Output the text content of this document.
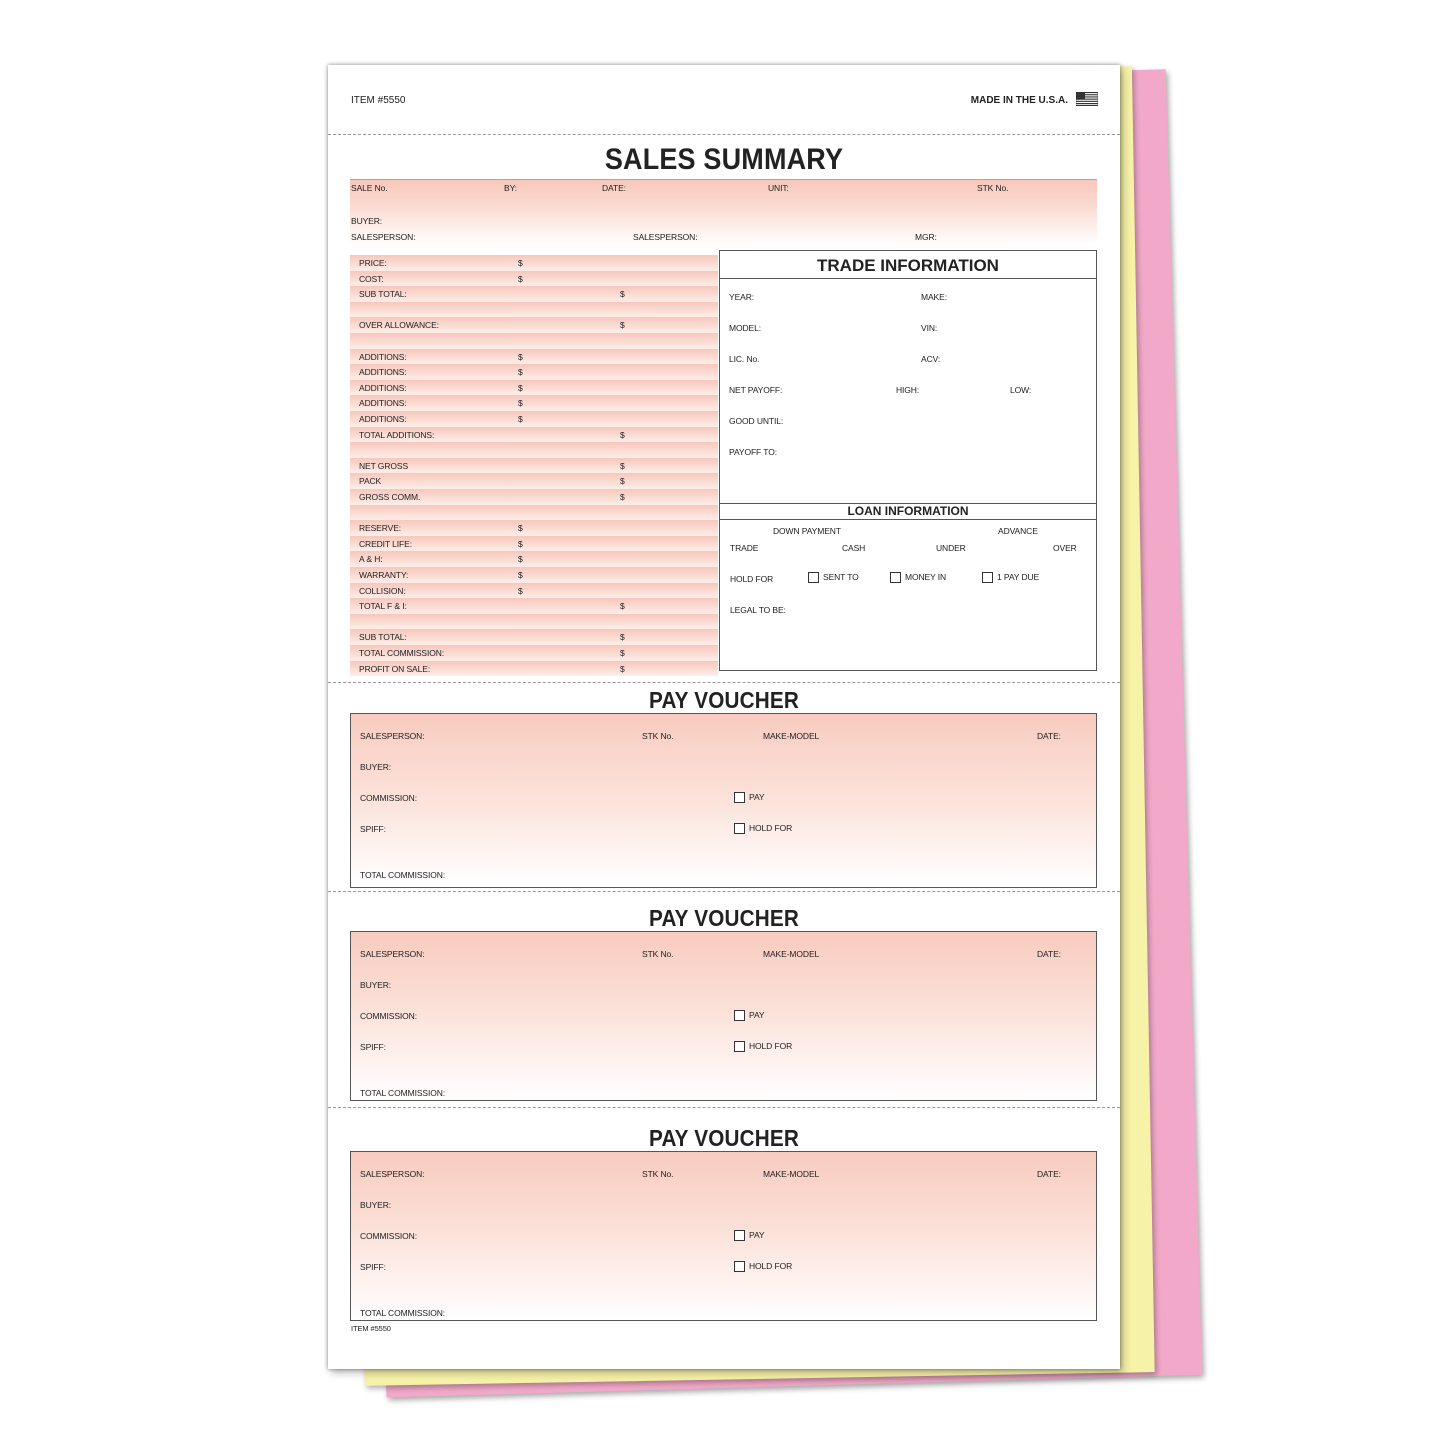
ITEM #5550	MADE IN THE U.S.A.
SALES SUMMARY
SALE No.	BY:	DATE:	UNIT:	STK No.
BUYER:
SALESPERSON:	SALESPERSON:	MGR:
PRICE:	$
COST:	$
SUB TOTAL:	$
OVER ALLOWANCE:	$
ADDITIONS:	$
ADDITIONS:	$
ADDITIONS:	$
ADDITIONS:	$
ADDITIONS:	$
TOTAL ADDITIONS:	$
NET GROSS	$
PACK	$
GROSS COMM.	$
RESERVE:	$
CREDIT LIFE:	$
A & H:	$
WARRANTY:	$
COLLISION:	$
TOTAL F & I:	$
SUB TOTAL:	$
TOTAL COMMISSION:	$
PROFIT ON SALE:	$
TRADE INFORMATION
YEAR:	MAKE:
MODEL:	VIN:
LIC. No.	ACV:
NET PAYOFF:	HIGH:	LOW:
GOOD UNTIL:
PAYOFF TO:
LOAN INFORMATION
DOWN PAYMENT	ADVANCE
TRADE	CASH	UNDER	OVER
HOLD FOR	SENT TO	MONEY IN	1 PAY DUE
LEGAL TO BE:
PAY VOUCHER
SALESPERSON:	STK No.	MAKE-MODEL	DATE:
BUYER:
COMMISSION:	PAY
SPIFF:	HOLD FOR
TOTAL COMMISSION:
PAY VOUCHER
SALESPERSON:	STK No.	MAKE-MODEL	DATE:
BUYER:
COMMISSION:	PAY
SPIFF:	HOLD FOR
TOTAL COMMISSION:
PAY VOUCHER
SALESPERSON:	STK No.	MAKE-MODEL	DATE:
BUYER:
COMMISSION:	PAY
SPIFF:	HOLD FOR
TOTAL COMMISSION:
ITEM #5550
